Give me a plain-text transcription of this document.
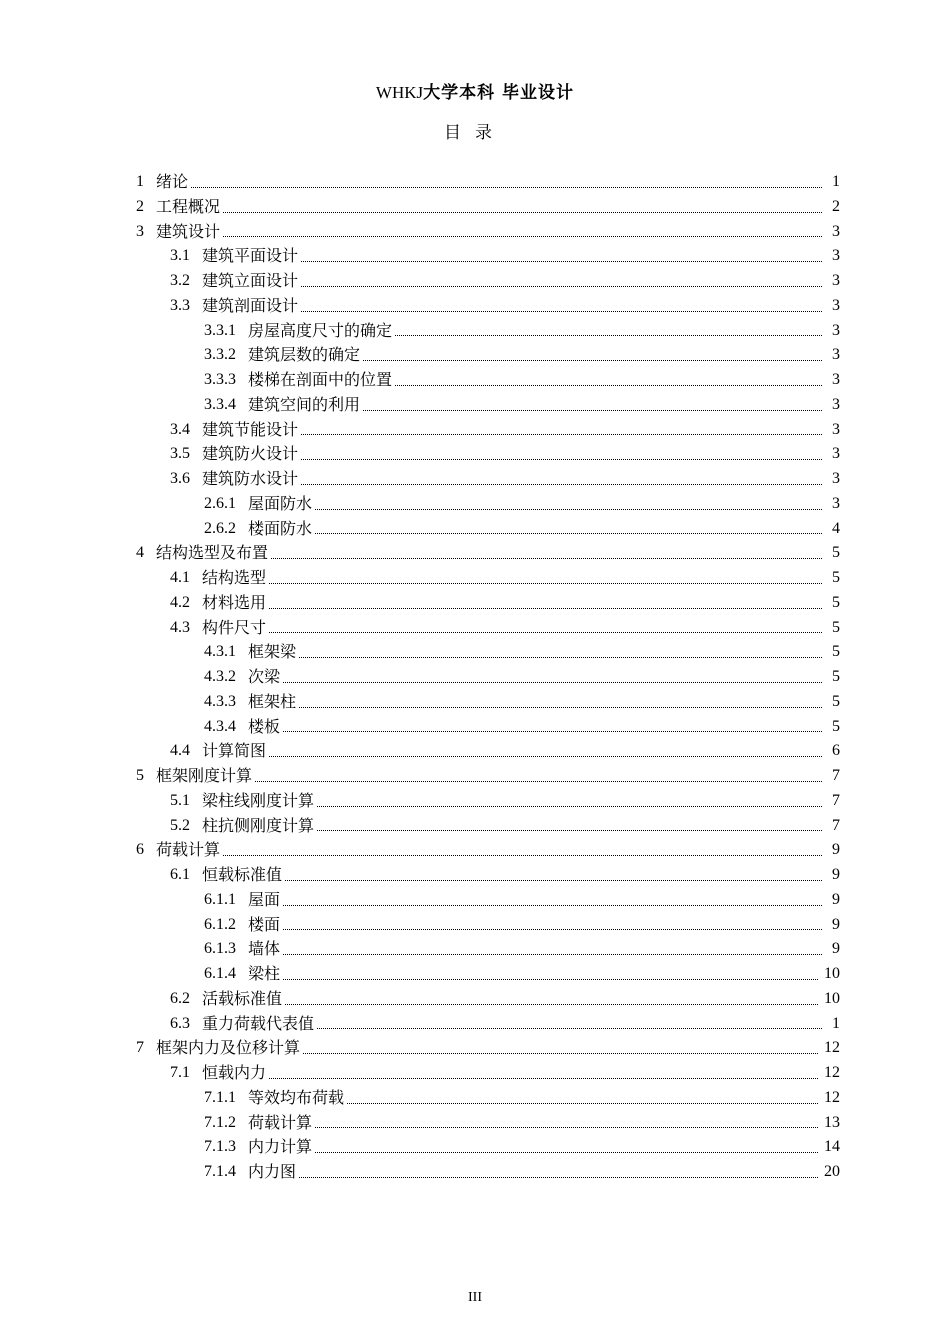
WHKJ大学本科 毕业设计
目录
1 绪论	1
2 工程概况	2
3 建筑设计	3
3.1 建筑平面设计	3
3.2 建筑立面设计	3
3.3 建筑剖面设计	3
3.3.1 房屋高度尺寸的确定	3
3.3.2 建筑层数的确定	3
3.3.3 楼梯在剖面中的位置	3
3.3.4 建筑空间的利用	3
3.4 建筑节能设计	3
3.5 建筑防火设计	3
3.6 建筑防水设计	3
2.6.1 屋面防水	3
2.6.2 楼面防水	4
4 结构选型及布置	5
4.1 结构选型	5
4.2 材料选用	5
4.3 构件尺寸	5
4.3.1 框架梁	5
4.3.2 次梁	5
4.3.3 框架柱	5
4.3.4 楼板	5
4.4 计算简图	6
5 框架刚度计算	7
5.1 梁柱线刚度计算	7
5.2 柱抗侧刚度计算	7
6 荷载计算	9
6.1 恒载标准值	9
6.1.1 屋面	9
6.1.2 楼面	9
6.1.3 墙体	9
6.1.4 梁柱	10
6.2 活载标准值	10
6.3 重力荷载代表值	1
7 框架内力及位移计算	12
7.1 恒载内力	12
7.1.1 等效均布荷载	12
7.1.2 荷载计算	13
7.1.3 内力计算	14
7.1.4 内力图	20
III
